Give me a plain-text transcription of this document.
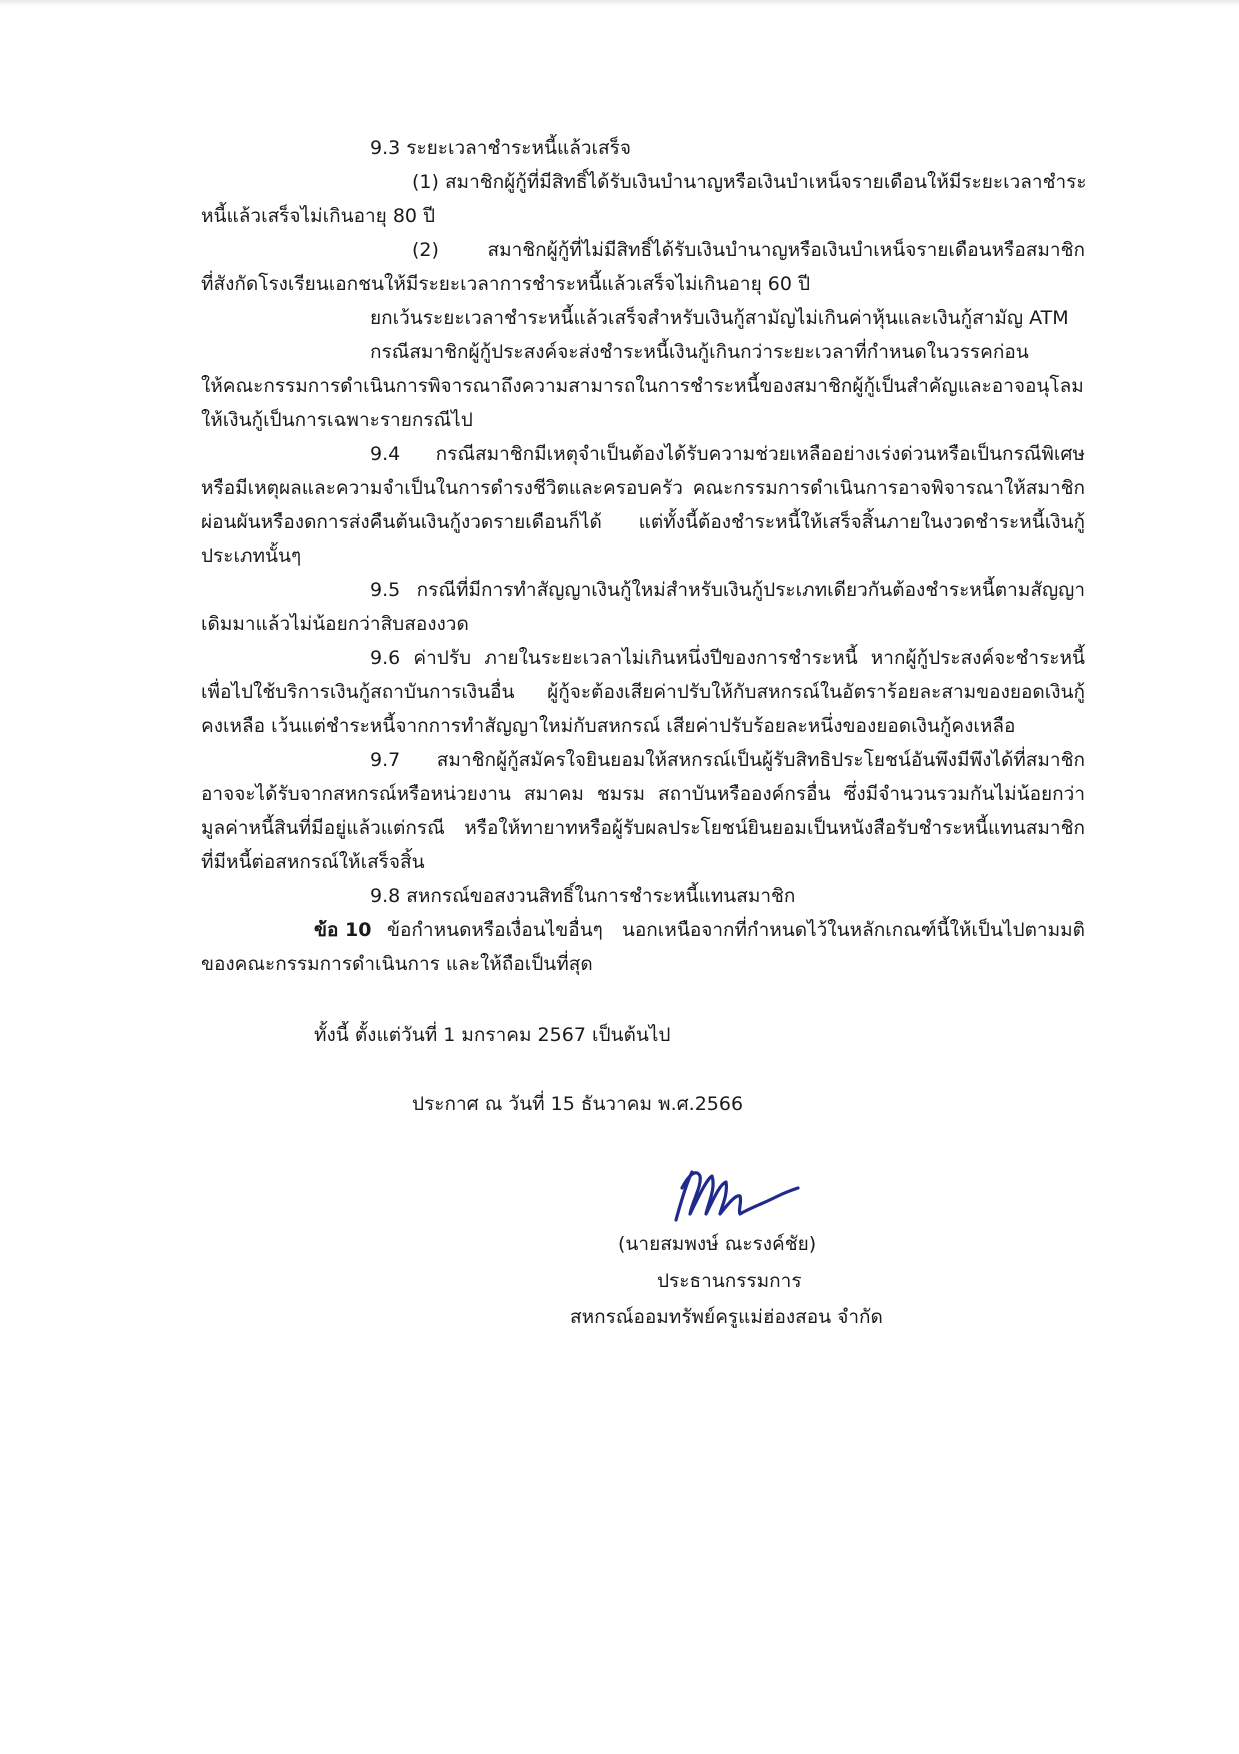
9.3 ระยะเวลาชำระหนี้แล้วเสร็จ
(1) สมาชิกผู้กู้ที่มีสิทธิ์ได้รับเงินบำนาญหรือเงินบำเหน็จรายเดือนให้มีระยะเวลาชำระ
หนี้แล้วเสร็จไม่เกินอายุ 80 ปี
(2) สมาชิกผู้กู้ที่ไม่มีสิทธิ์ได้รับเงินบำนาญหรือเงินบำเหน็จรายเดือนหรือสมาชิก
ที่สังกัดโรงเรียนเอกชนให้มีระยะเวลาการชำระหนี้แล้วเสร็จไม่เกินอายุ 60 ปี
ยกเว้นระยะเวลาชำระหนี้แล้วเสร็จสำหรับเงินกู้สามัญไม่เกินค่าหุ้นและเงินกู้สามัญ ATM
กรณีสมาชิกผู้กู้ประสงค์จะส่งชำระหนี้เงินกู้เกินกว่าระยะเวลาที่กำหนดในวรรคก่อน
ให้คณะกรรมการดำเนินการพิจารณาถึงความสามารถในการชำระหนี้ของสมาชิกผู้กู้เป็นสำคัญและอาจอนุโลม
ให้เงินกู้เป็นการเฉพาะรายกรณีไป
9.4 กรณีสมาชิกมีเหตุจำเป็นต้องได้รับความช่วยเหลืออย่างเร่งด่วนหรือเป็นกรณีพิเศษ
หรือมีเหตุผลและความจำเป็นในการดำรงชีวิตและครอบครัว คณะกรรมการดำเนินการอาจพิจารณาให้สมาชิก
ผ่อนผันหรืองดการส่งคืนต้นเงินกู้งวดรายเดือนก็ได้ แต่ทั้งนี้ต้องชำระหนี้ให้เสร็จสิ้นภายในงวดชำระหนี้เงินกู้
ประเภทนั้นๆ
9.5 กรณีที่มีการทำสัญญาเงินกู้ใหม่สำหรับเงินกู้ประเภทเดียวกันต้องชำระหนี้ตามสัญญา
เดิมมาแล้วไม่น้อยกว่าสิบสองงวด
9.6 ค่าปรับ ภายในระยะเวลาไม่เกินหนึ่งปีของการชำระหนี้ หากผู้กู้ประสงค์จะชำระหนี้
เพื่อไปใช้บริการเงินกู้สถาบันการเงินอื่น ผู้กู้จะต้องเสียค่าปรับให้กับสหกรณ์ในอัตราร้อยละสามของยอดเงินกู้
คงเหลือ เว้นแต่ชำระหนี้จากการทำสัญญาใหม่กับสหกรณ์ เสียค่าปรับร้อยละหนึ่งของยอดเงินกู้คงเหลือ
9.7 สมาชิกผู้กู้สมัครใจยินยอมให้สหกรณ์เป็นผู้รับสิทธิประโยชน์อันพึงมีพึงได้ที่สมาชิก
อาจจะได้รับจากสหกรณ์หรือหน่วยงาน สมาคม ชมรม สถาบันหรือองค์กรอื่น ซึ่งมีจำนวนรวมกันไม่น้อยกว่า
มูลค่าหนี้สินที่มีอยู่แล้วแต่กรณี หรือให้ทายาทหรือผู้รับผลประโยชน์ยินยอมเป็นหนังสือรับชำระหนี้แทนสมาชิก
ที่มีหนี้ต่อสหกรณ์ให้เสร็จสิ้น
9.8 สหกรณ์ขอสงวนสิทธิ์ในการชำระหนี้แทนสมาชิก
ข้อ 10 ข้อกำหนดหรือเงื่อนไขอื่นๆ นอกเหนือจากที่กำหนดไว้ในหลักเกณฑ์นี้ให้เป็นไปตามมติ
ของคณะกรรมการดำเนินการ และให้ถือเป็นที่สุด
ทั้งนี้ ตั้งแต่วันที่ 1 มกราคม 2567 เป็นต้นไป
ประกาศ ณ วันที่ 15 ธันวาคม พ.ศ.2566
(นายสมพงษ์ ณะรงค์ชัย)
ประธานกรรมการ
สหกรณ์ออมทรัพย์ครูแม่ฮ่องสอน จำกัด
